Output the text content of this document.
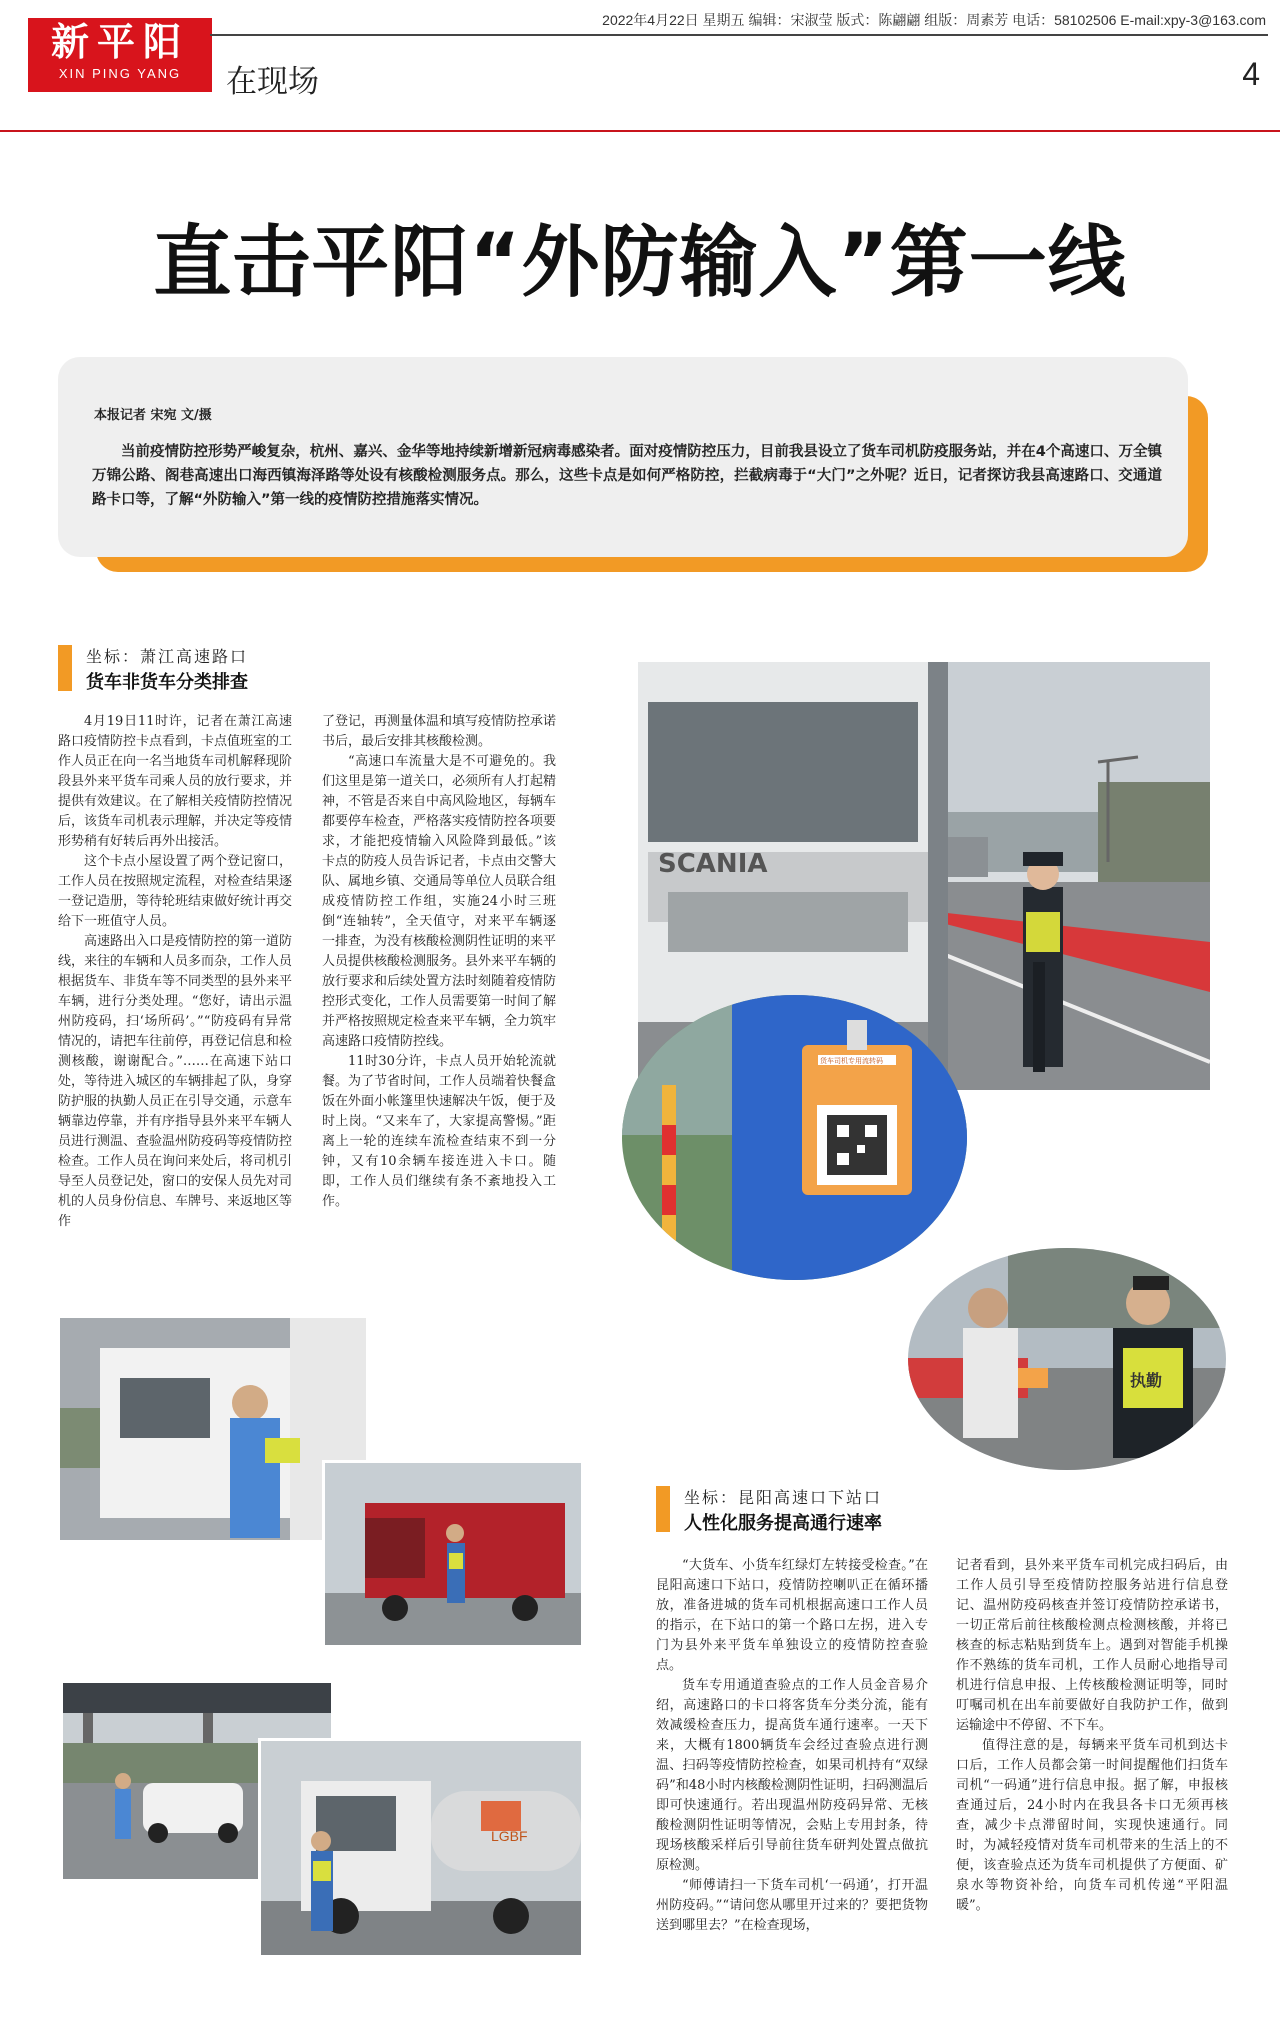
新平阳
XIN PING YANG
2022年4月22日 星期五 编辑：宋淑莹 版式：陈翩翩 组版：周素芳 电话：58102506 E-mail:xpy-3@163.com
在现场	4
直击平阳“外防输入”第一线
本报记者 宋宛 文/摄
当前疫情防控形势严峻复杂，杭州、嘉兴、金华等地持续新增新冠病毒感染者。面对疫情防控压力，目前我县设立了货车司机防疫服务站，并在4个高速口、万全镇万锦公路、阁巷高速出口海西镇海泽路等处设有核酸检测服务点。那么，这些卡点是如何严格防控，拦截病毒于“大门”之外呢？近日，记者探访我县高速路口、交通道路卡口等，了解“外防输入”第一线的疫情防控措施落实情况。
坐标：萧江高速路口
货车非货车分类排查

4月19日11时许，记者在萧江高速路口疫情防控卡点看到，卡点值班室的工作人员正在向一名当地货车司机解释现阶段县外来平货车司乘人员的放行要求，并提供有效建议。在了解相关疫情防控情况后，该货车司机表示理解，并决定等疫情形势稍有好转后再外出接活。

这个卡点小屋设置了两个登记窗口，工作人员在按照规定流程，对检查结果逐一登记造册，等待轮班结束做好统计再交给下一班值守人员。

高速路出入口是疫情防控的第一道防线，来往的车辆和人员多而杂，工作人员根据货车、非货车等不同类型的县外来平车辆，进行分类处理。“您好，请出示温州防疫码，扫‘场所码’。”“防疫码有异常情况的，请把车往前停，再登记信息和检测核酸，谢谢配合。”……在高速下站口处，等待进入城区的车辆排起了队，身穿防护服的执勤人员正在引导交通，示意车辆靠边停靠，并有序指导县外来平车辆人员进行测温、查验温州防疫码等疫情防控检查。工作人员在询问来处后，将司机引导至人员登记处，窗口的安保人员先对司机的人员身份信息、车牌号、来返地区等作

了登记，再测量体温和填写疫情防控承诺书后，最后安排其核酸检测。

“高速口车流量大是不可避免的。我们这里是第一道关口，必须所有人打起精神，不管是否来自中高风险地区，每辆车都要停车检查，严格落实疫情防控各项要求，才能把疫情输入风险降到最低。”该卡点的防疫人员告诉记者，卡点由交警大队、属地乡镇、交通局等单位人员联合组成疫情防控工作组，实施24小时三班倒“连轴转”，全天值守，对来平车辆逐一排查，为没有核酸检测阴性证明的来平人员提供核酸检测服务。县外来平车辆的放行要求和后续处置方法时刻随着疫情防控形式变化，工作人员需要第一时间了解并严格按照规定检查来平车辆，全力筑牢高速路口疫情防控线。

11时30分许，卡点人员开始轮流就餐。为了节省时间，工作人员端着快餐盒饭在外面小帐篷里快速解决午饭，便于及时上岗。“又来车了，大家提高警惕。”距离上一轮的连续车流检查结束不到一分钟，又有10余辆车接连进入卡口。随即，工作人员们继续有条不紊地投入工作。

SCANIA
货车司机专用流转码
执勤
LGBF
坐标：昆阳高速口下站口
人性化服务提高通行速率

“大货车、小货车红绿灯左转接受检查。”在昆阳高速口下站口，疫情防控喇叭正在循环播放，准备进城的货车司机根据高速口工作人员的指示，在下站口的第一个路口左拐，进入专门为县外来平货车单独设立的疫情防控查验点。

货车专用通道查验点的工作人员金音易介绍，高速路口的卡口将客货车分类分流，能有效减缓检查压力，提高货车通行速率。一天下来，大概有1800辆货车会经过查验点进行测温、扫码等疫情防控检查，如果司机持有“双绿码”和48小时内核酸检测阴性证明，扫码测温后即可快速通行。若出现温州防疫码异常、无核酸检测阴性证明等情况，会贴上专用封条，待现场核酸采样后引导前往货车研判处置点做抗原检测。

“师傅请扫一下货车司机‘一码通’，打开温州防疫码。”“请问您从哪里开过来的？要把货物送到哪里去？”在检查现场，

记者看到，县外来平货车司机完成扫码后，由工作人员引导至疫情防控服务站进行信息登记、温州防疫码核查并签订疫情防控承诺书，一切正常后前往核酸检测点检测核酸，并将已核查的标志粘贴到货车上。遇到对智能手机操作不熟练的货车司机，工作人员耐心地指导司机进行信息申报、上传核酸检测证明等，同时叮嘱司机在出车前要做好自我防护工作，做到运输途中不停留、不下车。

值得注意的是，每辆来平货车司机到达卡口后，工作人员都会第一时间提醒他们扫货车司机“一码通”进行信息申报。据了解，申报核查通过后，24小时内在我县各卡口无须再核查，减少卡点滞留时间，实现快速通行。同时，为减轻疫情对货车司机带来的生活上的不便，该查验点还为货车司机提供了方便面、矿泉水等物资补给，向货车司机传递“平阳温暖”。
